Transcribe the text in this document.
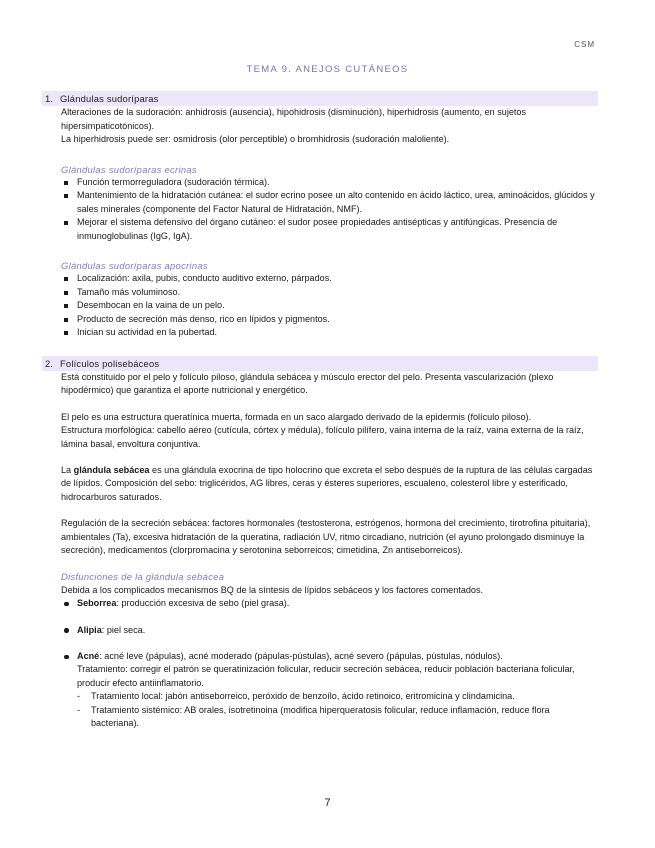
CSM
TEMA 9. ANEJOS CUTÁNEOS
1. Glándulas sudoríparas
Alteraciones de la sudoración: anhidrosis (ausencia), hipohidrosis (disminución), hiperhidrosis (aumento, en sujetos hipersimpaticotónicos).
La hiperhidrosis puede ser: osmidrosis (olor perceptible) o bromhidrosis (sudoración maloliente).
Glándulas sudoríparas ecrinas
Función termorreguladora (sudoración térmica).
Mantenimiento de la hidratación cutánea: el sudor ecrino posee un alto contenido en ácido láctico, urea, aminoácidos, glúcidos y sales minerales (componente del Factor Natural de Hidratación, NMF).
Mejorar el sistema defensivo del órgano cutáneo: el sudor posee propiedades antisépticas y antifúngicas. Presencia de inmunoglobulinas (IgG, IgA).
Glándulas sudoríparas apocrinas
Localización: axila, pubis, conducto auditivo externo, párpados.
Tamaño más voluminoso.
Desembocan en la vaina de un pelo.
Producto de secreción más denso, rico en lípidos y pigmentos.
Inician su actividad en la pubertad.
2. Folículos polisebáceos
Está constituido por el pelo y folículo piloso, glándula sebácea y músculo erector del pelo. Presenta vascularización (plexo hipodérmico) que garantiza el aporte nutricional y energético.
El pelo es una estructura queratínica muerta, formada en un saco alargado derivado de la epidermis (folículo piloso).
Estructura morfológica: cabello aéreo (cutícula, córtex y médula), folículo pilífero, vaina interna de la raíz, vaina externa de la raíz, lámina basal, envoltura conjuntiva.
La glándula sebácea es una glándula exocrina de tipo holocrino que excreta el sebo después de la ruptura de las células cargadas de lípidos. Composición del sebo: triglicéridos, AG libres, ceras y ésteres superiores, escualeno, colesterol libre y esterificado, hidrocarburos saturados.
Regulación de la secreción sebácea: factores hormonales (testosterona, estrógenos, hormona del crecimiento, tirotrofina pituitaria), ambientales (Ta), excesiva hidratación de la queratina, radiación UV, ritmo circadiano, nutrición (el ayuno prolongado disminuye la secreción), medicamentos (clorpromacina y serotonina seborreicos; cimetidina, Zn antiseborreicos).
Disfunciones de la glándula sebácea
Debida a los complicados mecanismos BQ de la síntesis de lípidos sebáceos y los factores comentados.
Seborrea: producción excesiva de sebo (piel grasa).
Alipia: piel seca.
Acné: acné leve (pápulas), acné moderado (pápulas-pústulas), acné severo (pápulas, pústulas, nódulos).
Tratamiento: corregir el patrón se queratinización folicular, reducir secreción sebácea, reducir población bacteriana folicular, producir efecto antiinflamatorio.
- Tratamiento local: jabón antiseborreico, peróxido de benzoílo, ácido retinoico, eritromicina y clindamicina.
- Tratamiento sistémico: AB orales, isotretinoina (modifica hiperqueratosis folicular, reduce inflamación, reduce flora bacteriana).
7
